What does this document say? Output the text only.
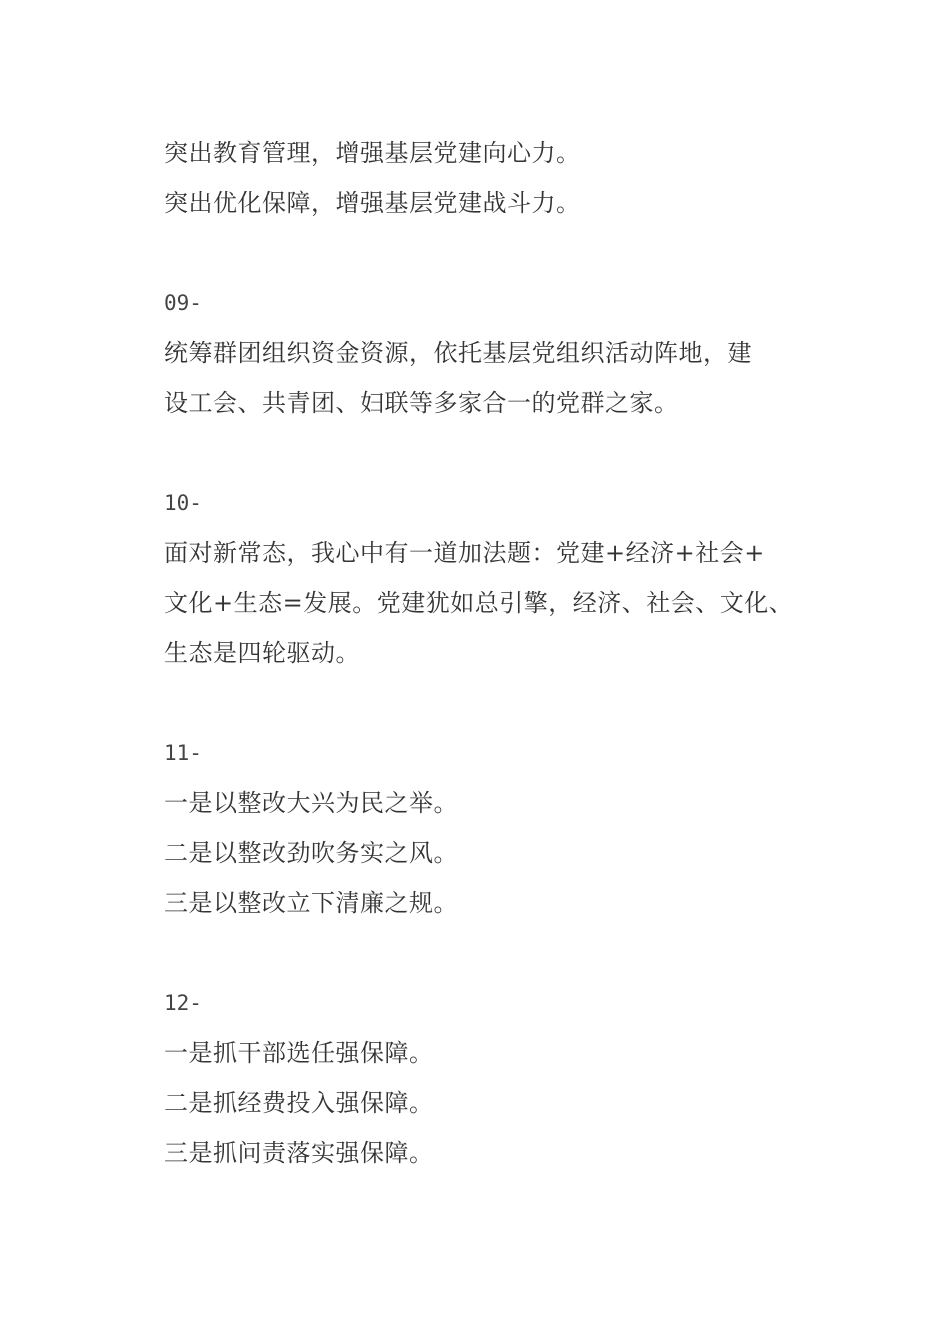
突出教育管理，增强基层党建向心力。
突出优化保障，增强基层党建战斗力。
09-
统筹群团组织资金资源，依托基层党组织活动阵地，建
设工会、共青团、妇联等多家合一的党群之家。
10-
面对新常态，我心中有一道加法题：党建+经济+社会+
文化+生态=发展。党建犹如总引擎，经济、社会、文化、
生态是四轮驱动。
11-
一是以整改大兴为民之举。
二是以整改劲吹务实之风。
三是以整改立下清廉之规。
12-
一是抓干部选任强保障。
二是抓经费投入强保障。
三是抓问责落实强保障。
